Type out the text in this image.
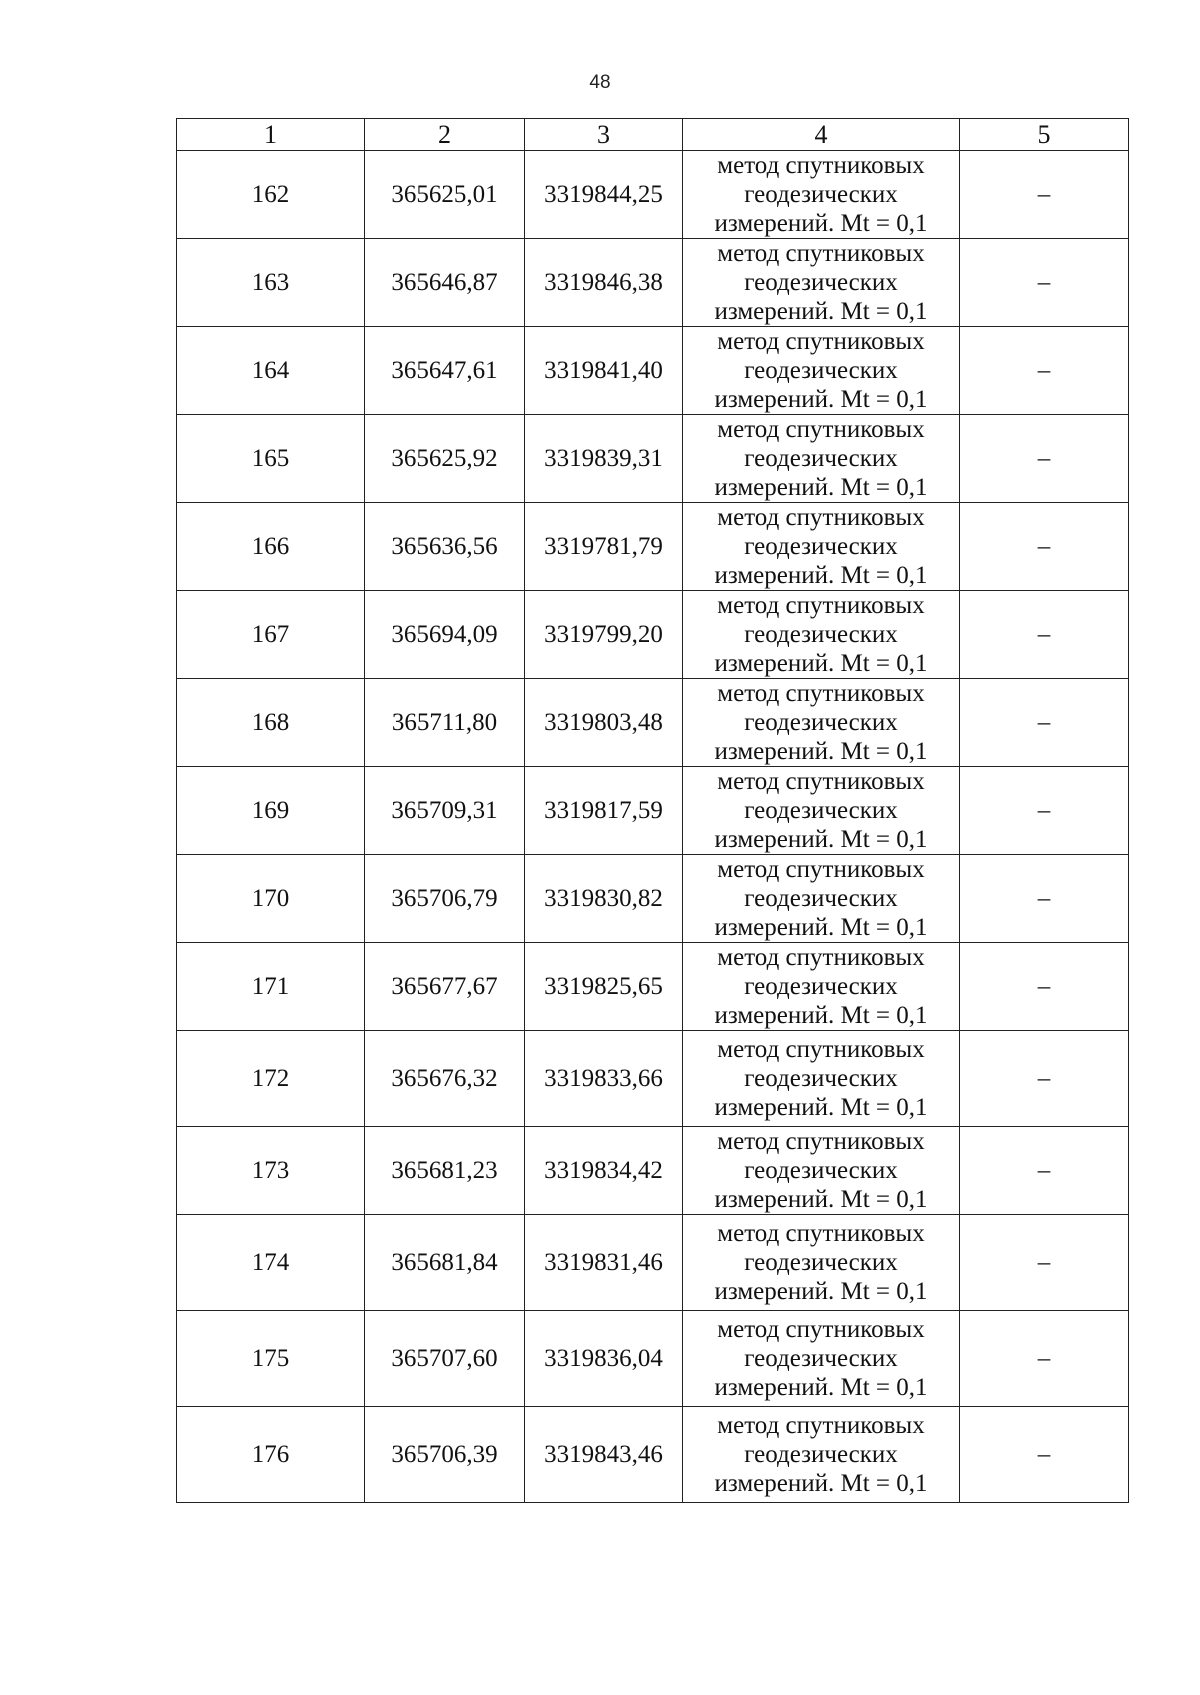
48
1	2	3	4	5
162	365625,01	3319844,25	метод спутниковых
геодезических
измерений. Mt = 0,1	–
163	365646,87	3319846,38	метод спутниковых
геодезических
измерений. Mt = 0,1	–
164	365647,61	3319841,40	метод спутниковых
геодезических
измерений. Mt = 0,1	–
165	365625,92	3319839,31	метод спутниковых
геодезических
измерений. Mt = 0,1	–
166	365636,56	3319781,79	метод спутниковых
геодезических
измерений. Mt = 0,1	–
167	365694,09	3319799,20	метод спутниковых
геодезических
измерений. Mt = 0,1	–
168	365711,80	3319803,48	метод спутниковых
геодезических
измерений. Mt = 0,1	–
169	365709,31	3319817,59	метод спутниковых
геодезических
измерений. Mt = 0,1	–
170	365706,79	3319830,82	метод спутниковых
геодезических
измерений. Mt = 0,1	–
171	365677,67	3319825,65	метод спутниковых
геодезических
измерений. Mt = 0,1	–
172	365676,32	3319833,66	метод спутниковых
геодезических
измерений. Mt = 0,1	–
173	365681,23	3319834,42	метод спутниковых
геодезических
измерений. Mt = 0,1	–
174	365681,84	3319831,46	метод спутниковых
геодезических
измерений. Mt = 0,1	–
175	365707,60	3319836,04	метод спутниковых
геодезических
измерений. Mt = 0,1	–
176	365706,39	3319843,46	метод спутниковых
геодезических
измерений. Mt = 0,1	–
